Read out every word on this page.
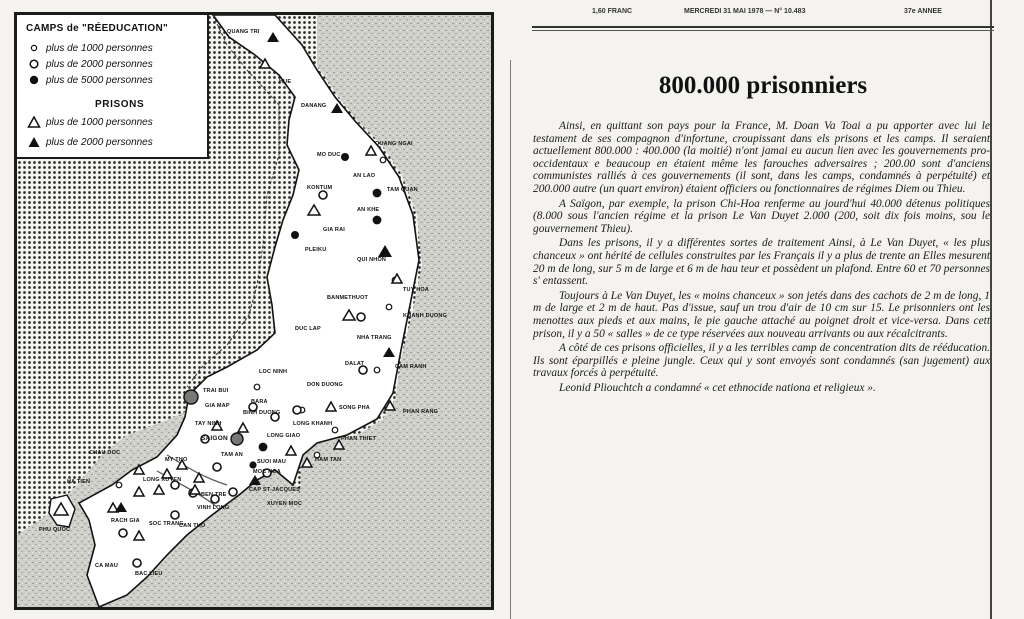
QUANG TRI
HUE
DANANG
QUANG NGAI
MO DUC
AN LAO
KONTUM	TAM QUAN
AN KHE
GIA RAI
PLEIKU
QUI NHON
TUY HOA
BANMETHUOT
KHANH DUONG
DUC LAP
NHA TRANG
DALAT	CAM RANH
LOC NINH
DON DUONG
TRAI BUI
GIA MAP
BARA
BINH DUONG
SONG PHA
PHAN RANG
TAY NINH	LONG KHANH
SAIGON	LONG GIAO	PHAN THIET
TAM AN
SUOI MAU	HAM TAN
CHAU DOC
MY THO
MOC HOA
HA TIEN	LONG XUYEN
BEN TRE
CAP ST-JACQUES
XUYEN MOC
PHU QUOC
RACH GIA
VINH LONG
SOC TRANG
CAN THO
CA MAU
BAC LIEU
CAMPS de "RÉEDUCATION"
plus de 1000 personnes
plus de 2000 personnes
plus de 5000 personnes
PRISONS
plus de 1000 personnes
plus de 2000 personnes
1,60 FRANC	MERCREDI 31 MAI 1978 — N° 10.483	37e ANNEE
800.000 prisonniers

Ainsi, en quittant son pays pour la France, M. Doan Va Toai a pu apporter avec lui le testament de ses compagnon d'infortune, croupissant dans els prisons et les camps. Il seraient actuellement 800.000 : 400.000 (la moitié) n'ont jamai eu aucun lien avec les gouvernements pro-occidentaux e beaucoup en étaient même les farouches adversaires ; 200.00 sont d'anciens communistes ralliés à ces gouvernements (il sont, dans les camps, condamnés à perpétuité) et 200.000 autre (un quart environ) étaient officiers ou fonctionnaires de régimes Diem ou Thieu.

A Saïgon, par exemple, la prison Chi-Hoa renferme au jourd'hui 40.000 détenus politiques (8.000 sous l'ancien régime et la prison Le Van Duyet 2.000 (200, soit dix fois moins, sou le gouvernement Thieu).

Dans les prisons, il y a différentes sortes de traitement Ainsi, à Le Van Duyet, « les plus chanceux » ont hérité de cellules construites par les Français il y a plus de trente an Elles mesurent 20 m de long, sur 5 m de large et 6 m de hau teur et possèdent un plafond. Entre 60 et 70 personnes s' entassent.

Toujours à Le Van Duyet, les « moins chanceux » son jetés dans des cachots de 2 m de long, 1 m de large et 2 m de haut. Pas d'issue, sauf un trou d'air de 10 cm sur 15. Le prisonniers ont les menottes aux pieds et aux mains, le pie gauche attaché au poignet droit et vice-versa. Dans cett prison, il y a 50 « salles » de ce type réservées aux nouveau arrivants ou aux récalcitrants.

A côté de ces prisons officielles, il y a les terribles camp de concentration dits de rééducation. Ils sont éparpillés e pleine jungle. Ceux qui y sont envoyés sont condamnés (san jugement) aux travaux forcés à perpétuité.

Leonid Pliouchtch a condamné « cet ethnocide nationa et religieux ».
